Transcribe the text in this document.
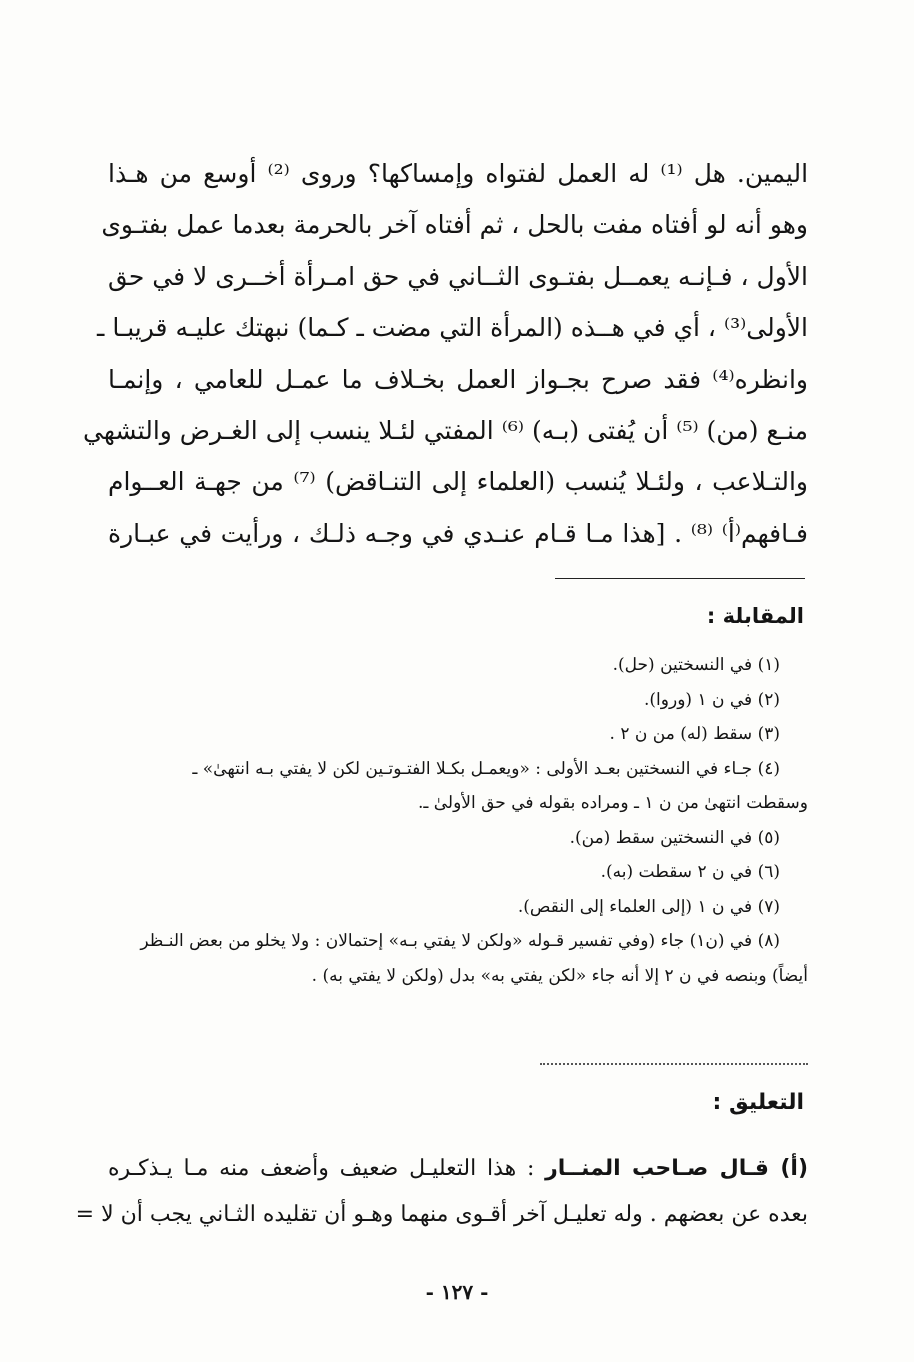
اليمين. هل ⁽¹⁾ له العمل لفتواه وإمساكها؟ وروى ⁽²⁾ أوسع من هـذا
وهو أنه لو أفتاه مفت بالحل ، ثم أفتاه آخر بالحرمة بعدما عمل بفتـوى
الأول ، فـإنـه يعمــل بفتـوى الثــاني في حق امـرأة أخــرى لا في حق
الأولى⁽³⁾ ، أي في هــذه (المرأة التي مضت ـ كـما) نبهتك عليـه قريبـا ـ
وانظره⁽⁴⁾ فقد صرح بجـواز العمل بخـلاف ما عمـل للعامي ، وإنمـا
منـع (من) ⁽⁵⁾ أن يُفتى (بـه) ⁽⁶⁾ المفتي لئـلا ينسب إلى الغـرض والتشهي
والتـلاعب ، ولئـلا يُنسب (العلماء إلى التنـاقض) ⁽⁷⁾ من جهـة العــوام
فـافهم⁽أ⁾ ⁽⁸⁾ . [هذا مـا قـام عنـدي في وجـه ذلـك ، ورأيت في عبـارة
المقابلة :
(١) في النسختين (حل).
(٢) في ن ١ (وروا).
(٣) سقط (له) من ن ٢ .
(٤) جـاء في النسختين بعـد الأولى : «ويعمـل بكـلا الفتـوتـين لكن لا يفتي بـه انتهىٰ» ـ
وسقطت انتهىٰ من ن ١ ـ ومراده بقوله في حق الأولىٰ ـ.
(٥) في النسختين سقط (من).
(٦) في ن ٢ سقطت (به).
(٧) في ن ١ (إلى العلماء إلى النقص).
(٨) في (ن١) جاء (وفي تفسير قـوله «ولكن لا يفتي بـه» إحتمالان : ولا يخلو من بعض النـظر
أيضاً) وبنصه في ن ٢ إلا أنه جاء «لكن يفتي به» بدل (ولكن لا يفتي به) .
التعليق :
(أ) قـال صـاحب المنــار : هذا التعليـل ضعيف وأضعف منه مـا يـذكـره
بعده عن بعضهم . وله تعليـل آخر أقـوى منهما وهـو أن تقليده الثـاني يجب أن لا =
- ١٢٧ -
